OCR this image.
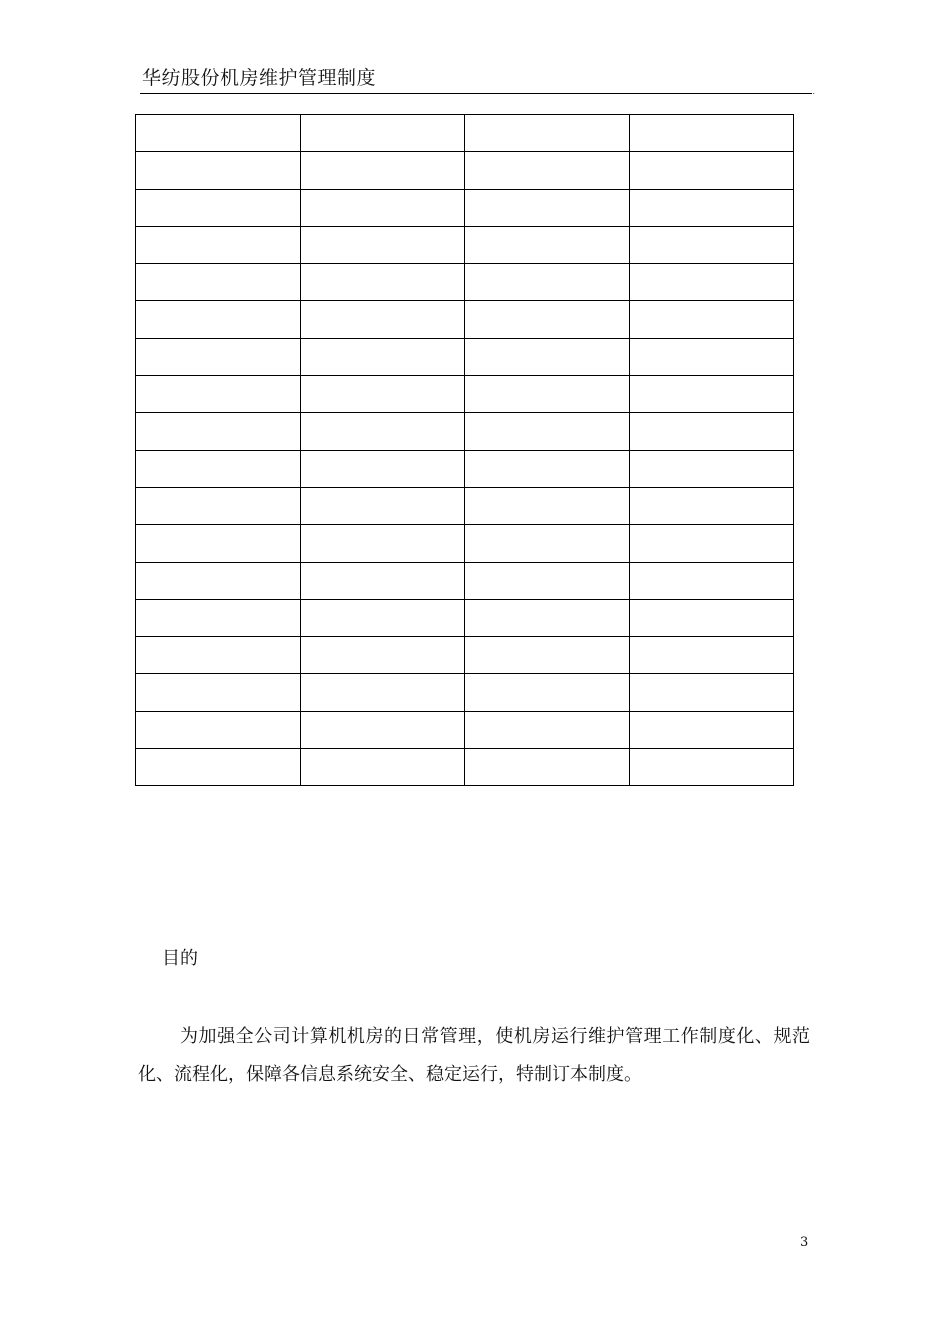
华纺股份机房维护管理制度
.

目的

为加强全公司计算机机房的日常管理，使机房运行维护管理工作制度化、规范化、流程化，保障各信息系统安全、稳定运行，特制订本制度。

3
